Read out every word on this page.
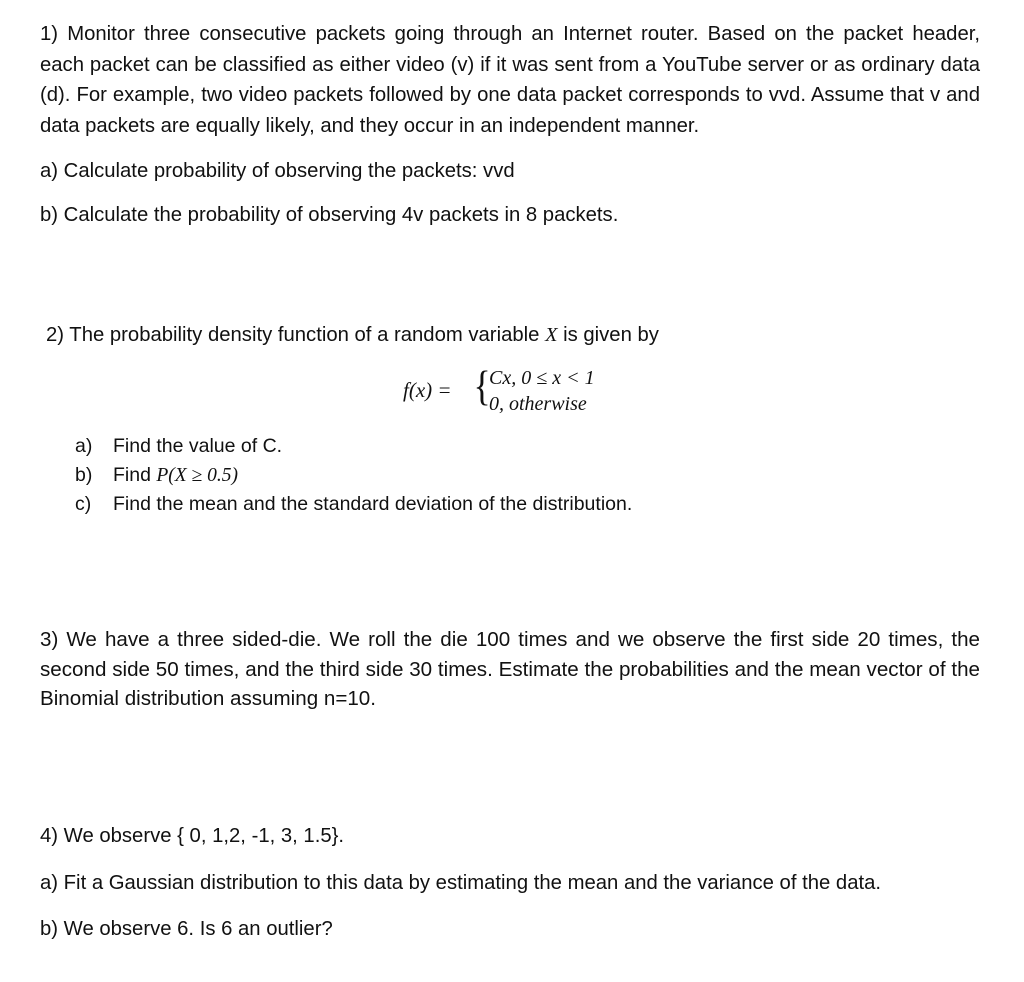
1) Monitor three consecutive packets going through an Internet router. Based on the packet header, each packet can be classified as either video (v) if it was sent from a YouTube server or as ordinary data (d). For example, two video packets followed by one data packet corresponds to vvd. Assume that v and data packets are equally likely, and they occur in an independent manner.
a) Calculate probability of observing the packets: vvd
b) Calculate the probability of observing 4v packets in 8 packets.
2) The probability density function of a random variable X is given by
f(x) = {
Cx, 0 ≤ x < 1
0, otherwise
a) Find the value of C.
b) Find P(X ≥ 0.5)
c) Find the mean and the standard deviation of the distribution.
3) We have a three sided-die. We roll the die 100 times and we observe the first side 20 times, the second side 50 times, and the third side 30 times. Estimate the probabilities and the mean vector of the Binomial distribution assuming n=10.
4) We observe { 0, 1,2, -1, 3, 1.5}.
a) Fit a Gaussian distribution to this data by estimating the mean and the variance of the data.
b) We observe 6. Is 6 an outlier?
